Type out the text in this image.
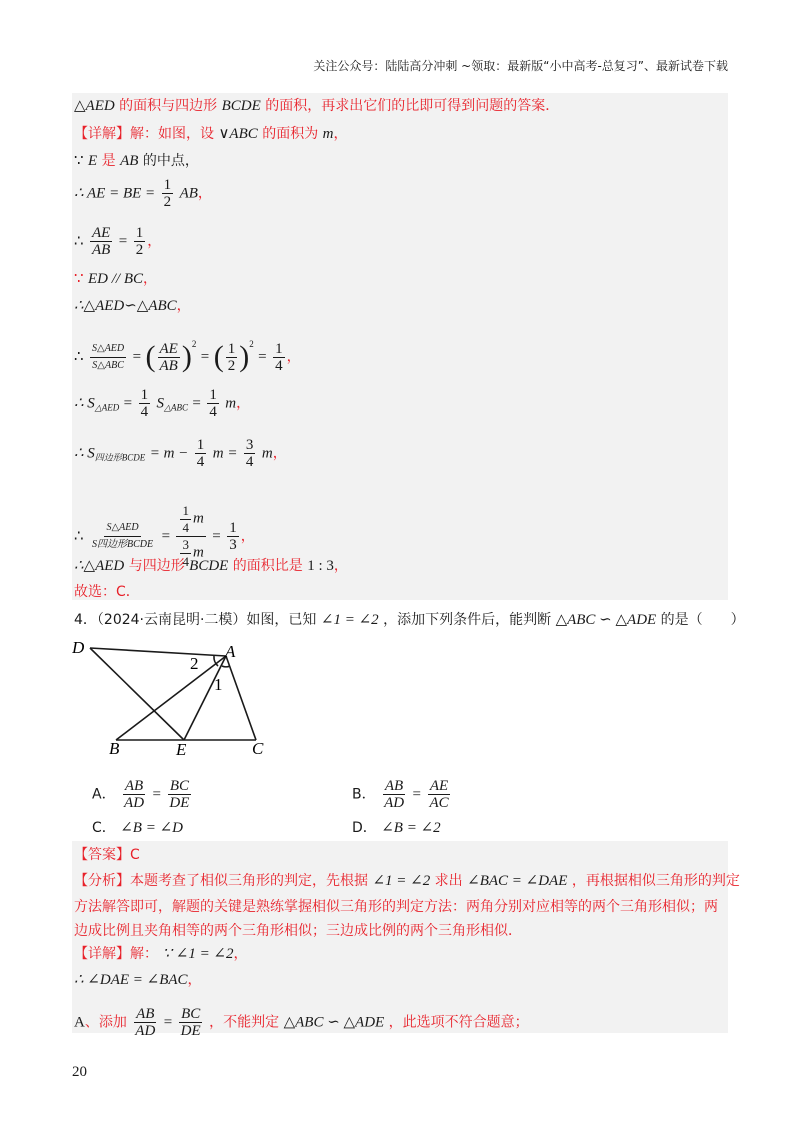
关注公众号：陆陆高分冲刺 ~领取：最新版“小中高考-总复习”、最新试卷下载
△AED 的面积与四边形 BCDE 的面积，再求出它们的比即可得到问题的答案．
【详解】解：如图，设 ∨ABC 的面积为 m，
∵ E 是 AB 的中点，
∴ AE = BE = $\frac{1}{2}$ AB，
∴ $\frac{AE}{AB} = \frac{1}{2}$ ，
∵ ED // BC，
∴△AED∽△ABC，
∴ $\frac{\text{S△AED}}{\text{S△ABC}}$ = ( $\frac{AE}{AB} )^2$ = ( $\frac{1}{2} )^2 = \frac{1}{4}$ ，
∴ $S_{\triangle AED} = \frac{1}{4} S_{\triangle ABC} = \frac{1}{4}$ m，
∴ $S_{四边形BCDE} = m - \frac{1}{4}$ $m = \frac{3}{4}$ m，
∴ $\frac{\text{S△AED}}{\text{S四边形BCDE}} = \frac{\frac{1}{4} m}{\frac{3}{4} m} = \frac{1}{3}$ ，
∴△AED 与四边形 BCDE 的面积比是 1 : 3，
故选：C．
4．（2024·云南昆明·二模）如图，已知 ∠1 = ∠2 ，添加下列条件后，能判断 △ABC ∽ △ADE 的是（　　）
D	A
B	E	C
2
1
A． $\frac{AB}{AD} = \frac{BC}{DE}$	B． $\frac{AB}{AD} = \frac{AE}{AC}$
C． ∠B = ∠D	D． ∠B = ∠2
【答案】C
【分析】本题考查了相似三角形的判定，先根据 ∠1 = ∠2 求出 ∠BAC = ∠DAE ，再根据相似三角形的判定
方法解答即可，解题的关键是熟练掌握相似三角形的判定方法：两角分别对应相等的两个三角形相似；两
边成比例且夹角相等的两个三角形相似；三边成比例的两个三角形相似．
【详解】解： ∵ ∠1 = ∠2，
∴ ∠DAE = ∠BAC，
A、添加 $\frac{AB}{AD} = \frac{BC}{DE}$ ，不能判定 △ABC ∽ △ADE ，此选项不符合题意；
20
